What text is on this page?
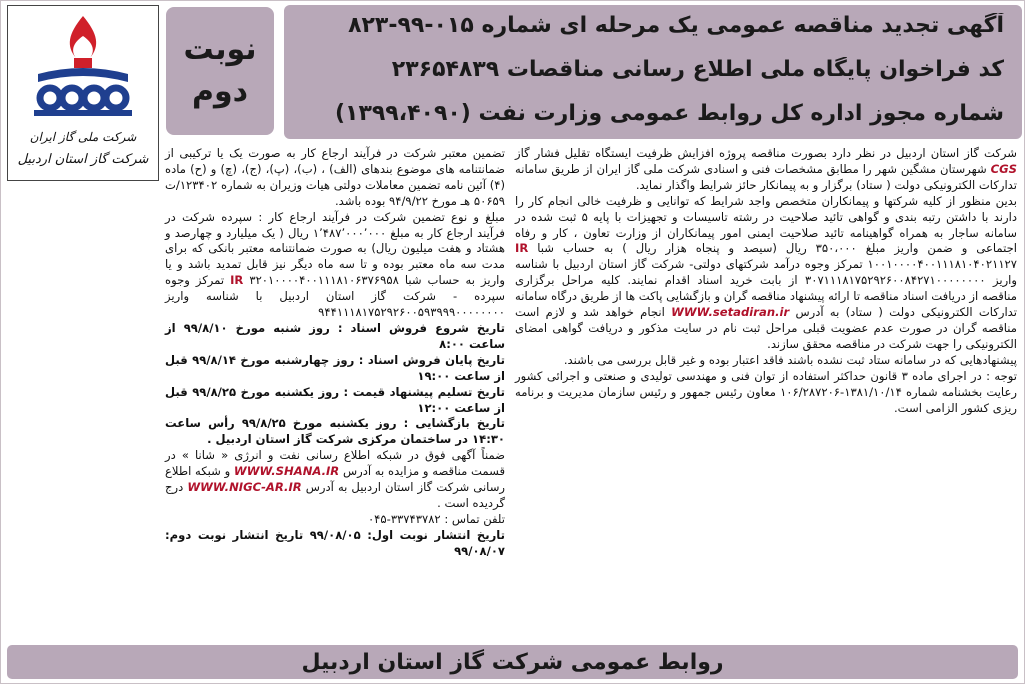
شرکت ملی گاز ایران
شرکت گاز استان اردبیل
نوبت
دوم
آگهی تجدید مناقصه عمومی یک مرحله ای شماره ۰۱۵-۹۹-۸۲۳
کد فراخوان پایگاه ملی اطلاع رسانی مناقصات ۲۳۶۵۴۸۳۹
شماره مجوز اداره کل روابط عمومی وزارت نفت (۱۳۹۹،۴۰۹۰)

شرکت گاز استان اردبیل در نظر دارد بصورت مناقصه پروژه افزایش ظرفیت ایستگاه تقلیل فشار گاز CGS شهرستان مشگین شهر را مطابق مشخصات فنی و اسنادی شرکت ملی گاز ایران از طریق سامانه تدارکات الکترونیکی دولت ( ستاد) برگزار و به پیمانکار حائز شرایط واگذار نماید.

بدین منظور از کلیه شرکتها و پیمانکاران متخصص واجد شرایط که توانایی و ظرفیت خالی انجام کار را دارند با داشتن رتبه بندی و گواهی تائید صلاحیت در رشته تاسیسات و تجهیزات با پایه ۵ ثبت شده در سامانه ساجار به همراه گواهینامه تائید صلاحیت ایمنی امور پیمانکاران از وزارت تعاون ، کار و رفاه اجتماعی و ضمن واریز مبلغ ۳۵۰،۰۰۰ ریال (سیصد و پنجاه هزار ریال ) به حساب شبا IR ۱۰۰۱۰۰۰۰۴۰۰۱۱۱۸۱۰۴۰۲۱۱۲۷ تمرکز وجوه درآمد شرکتهای دولتی- شرکت گاز استان اردبیل با شناسه واریز ۳۰۷۱۱۱۸۱۷۵۲۹۲۶۰۰۸۴۲۷۱۰۰۰۰۰۰۰۰ از بابت خرید اسناد اقدام نمایند. کلیه مراحل برگزاری مناقصه از دریافت اسناد مناقصه تا ارائه پیشنهاد مناقصه گران و بازگشایی پاکت ها از طریق درگاه سامانه تدارکات الکترونیکی دولت ( ستاد) به آدرس WWW.setadiran.ir انجام خواهد شد و لازم است مناقصه گران در صورت عدم عضویت قبلی مراحل ثبت نام در سایت مذکور و دریافت گواهی امضای الکترونیکی را جهت شرکت در مناقصه محقق سازند.

پیشنهادهایی که در سامانه ستاد ثبت نشده باشند فاقد اعتبار بوده و غیر قابل بررسی می باشند.

توجه : در اجرای ماده ۳ قانون حداکثر استفاده از توان فنی و مهندسی تولیدی و صنعتی و اجرائی کشور رعایت بخشنامه شماره ۱۳۸۱/۱۰/۱۴-۱۰۶/۲۸۷۲۰۶ معاون رئیس جمهور و رئیس سازمان مدیریت و برنامه ریزی کشور الزامی است.

تضمین معتبر شرکت در فرآیند ارجاع کار به صورت یک یا ترکیبی از ضمانتنامه های موضوع بندهای (الف) ، (ب)، (پ)، (ج)، (چ) و (ح) ماده (۴) آئین نامه تضمین معاملات دولتی هیات وزیران به شماره ۱۲۳۴۰۲/ت ۵۰۶۵۹ هـ مورخ ۹۴/۹/۲۲ بوده باشد.

مبلغ و نوع تضمین شرکت در فرآیند ارجاع کار : سپرده شرکت در فرآیند ارجاع کار به مبلغ ۱٬۴۸۷٬۰۰۰٬۰۰۰ ریال ( یک میلیارد و چهارصد و هشتاد و هفت میلیون ریال) به صورت ضمانتنامه معتبر بانکی که برای مدت سه ماه معتبر بوده و تا سه ماه دیگر نیز قابل تمدید باشد و یا واریز به حساب شبا IR ۳۲۰۱۰۰۰۰۴۰۰۱۱۱۸۱۰۶۳۷۶۹۵۸ تمرکز وجوه سپرده - شرکت گاز استان اردبیل با شناسه واریز ۹۴۴۱۱۱۸۱۷۵۲۹۲۶۰۰۵۹۳۹۹۹۰۰۰۰۰۰۰۰

تاریخ شروع فروش اسناد : روز شنبه مورخ ۹۹/۸/۱۰ از ساعت ۸:۰۰

تاریخ پایان فروش اسناد : روز چهارشنبه مورخ ۹۹/۸/۱۴ قبل از ساعت ۱۹:۰۰

تاریخ تسلیم پیشنهاد قیمت : روز یکشنبه مورخ ۹۹/۸/۲۵ قبل از ساعت ۱۲:۰۰

تاریخ بازگشایی : روز یکشنبه مورخ ۹۹/۸/۲۵ رأس ساعت ۱۴:۳۰ در ساختمان مرکزی شرکت گاز استان اردبیل .

ضمناً آگهی فوق در شبکه اطلاع رسانی نفت و انرژی « شانا » در قسمت مناقصه و مزایده به آدرس WWW.SHANA.IR و شبکه اطلاع رسانی شرکت گاز استان اردبیل به آدرس WWW.NIGC-AR.IR درج گردیده است .

تلفن تماس : ۳۳۷۴۳۷۸۲-۰۴۵

تاریخ انتشار نوبت اول: ۹۹/۰۸/۰۵ تاریخ انتشار نوبت دوم: ۹۹/۰۸/۰۷

روابط عمومی شرکت گاز استان اردبیل
